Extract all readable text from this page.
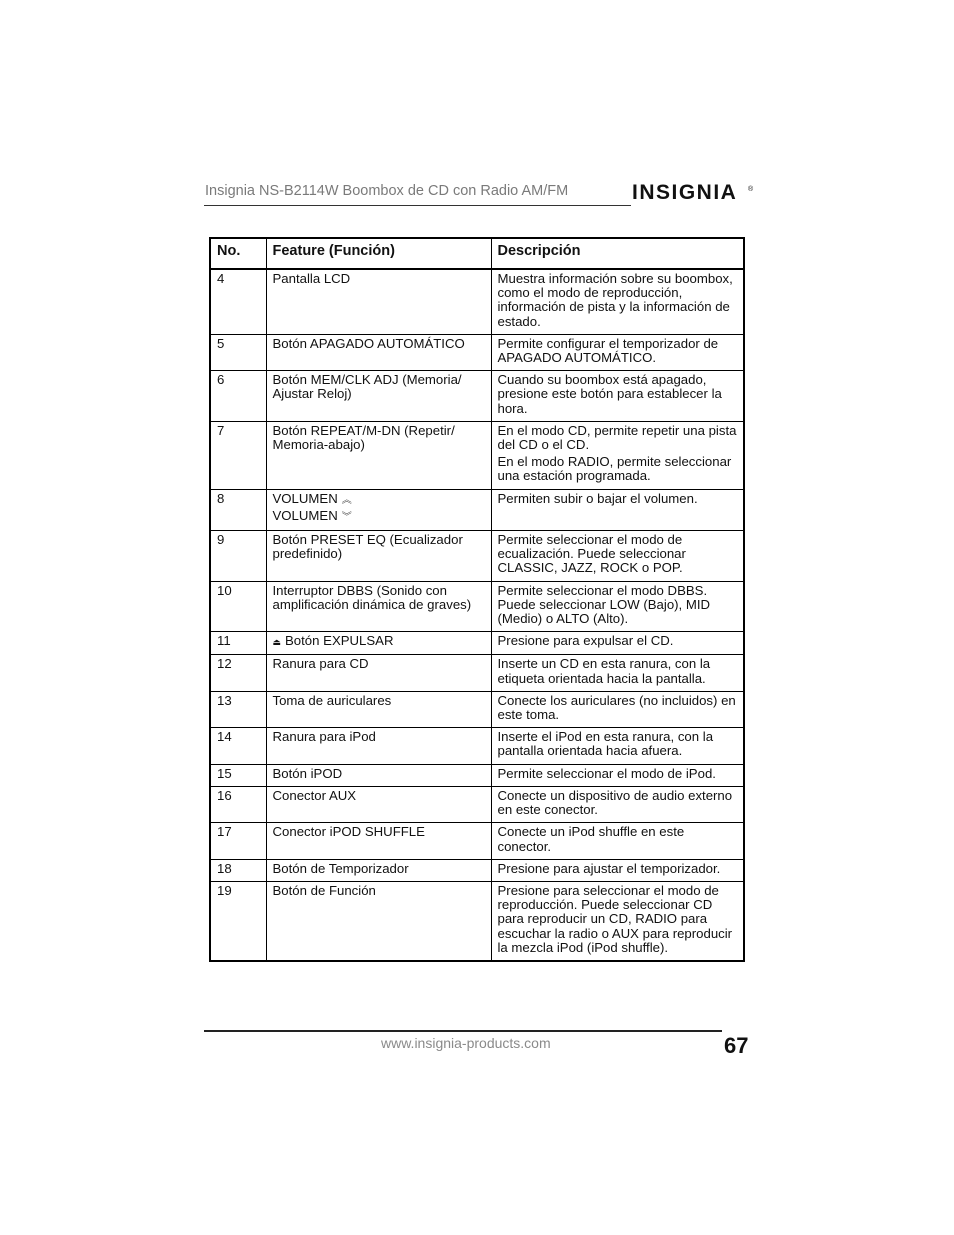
Insignia NS-B2114W Boombox de CD con Radio AM/FM	INSIGNIA ®
No.	Feature (Función)	Descripción
4	Pantalla LCD	Muestra información sobre su boombox, como el modo de reproducción, información de pista y la información de estado.

5	Botón APAGADO AUTOMÁTICO	Permite configurar el temporizador de APAGADO AUTOMÁTICO.

6	Botón MEM/CLK ADJ (Memoria/ Ajustar Reloj)	Cuando su boombox está apagado, presione este botón para establecer la hora.

7	Botón REPEAT/M-DN (Repetir/ Memoria-abajo)	En el modo CD, permite repetir una pista del CD o el CD.

En el modo RADIO, permite seleccionar una estación programada.

8	VOLUMEN ︽

VOLUMEN ︾	Permiten subir o bajar el volumen.

9	Botón PRESET EQ (Ecualizador predefinido)	Permite seleccionar el modo de ecualización. Puede seleccionar CLASSIC, JAZZ, ROCK o POP.

10	Interruptor DBBS (Sonido con amplificación dinámica de graves)	Permite seleccionar el modo DBBS. Puede seleccionar LOW (Bajo), MID (Medio) o ALTO (Alto).

11	⏏ Botón EXPULSAR	Presione para expulsar el CD.

12	Ranura para CD	Inserte un CD en esta ranura, con la etiqueta orientada hacia la pantalla.

13	Toma de auriculares	Conecte los auriculares (no incluidos) en este toma.

14	Ranura para iPod	Inserte el iPod en esta ranura, con la pantalla orientada hacia afuera.

15	Botón iPOD	Permite seleccionar el modo de iPod.

16	Conector AUX	Conecte un dispositivo de audio externo en este conector.

17	Conector iPOD SHUFFLE	Conecte un iPod shuffle en este conector.

18	Botón de Temporizador	Presione para ajustar el temporizador.

19	Botón de Función	Presione para seleccionar el modo de reproducción. Puede seleccionar CD para reproducir un CD, RADIO para escuchar la radio o AUX para reproducir la mezcla iPod (iPod shuffle).

www.insignia-products.com	67
